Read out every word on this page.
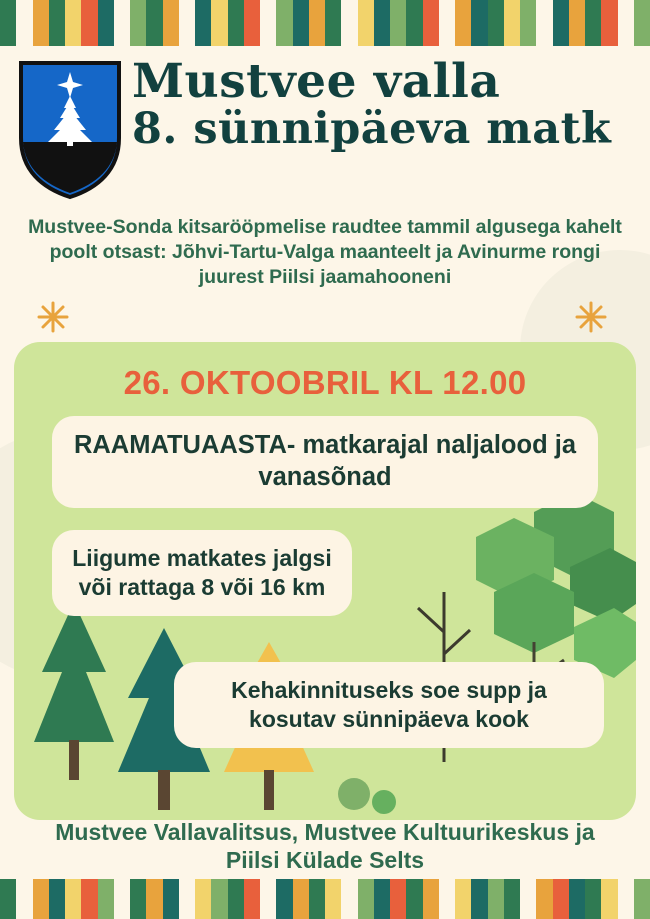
Mustvee valla
8. sünnipäeva matk
Mustvee-Sonda kitsarööpmelise raudtee tammil algusega kahelt poolt otsast: Jõhvi-Tartu-Valga maanteelt ja Avinurme rongi juurest Piilsi jaamahooneni
26. OKTOOBRIL KL 12.00
RAAMATUAASTA- matkarajal naljalood ja vanasõnad
Liigume matkates jalgsi või rattaga 8 või 16 km
Kehakinnituseks soe supp ja kosutav sünnipäeva kook
Mustvee Vallavalitsus, Mustvee Kultuurikeskus ja Piilsi Külade Selts
